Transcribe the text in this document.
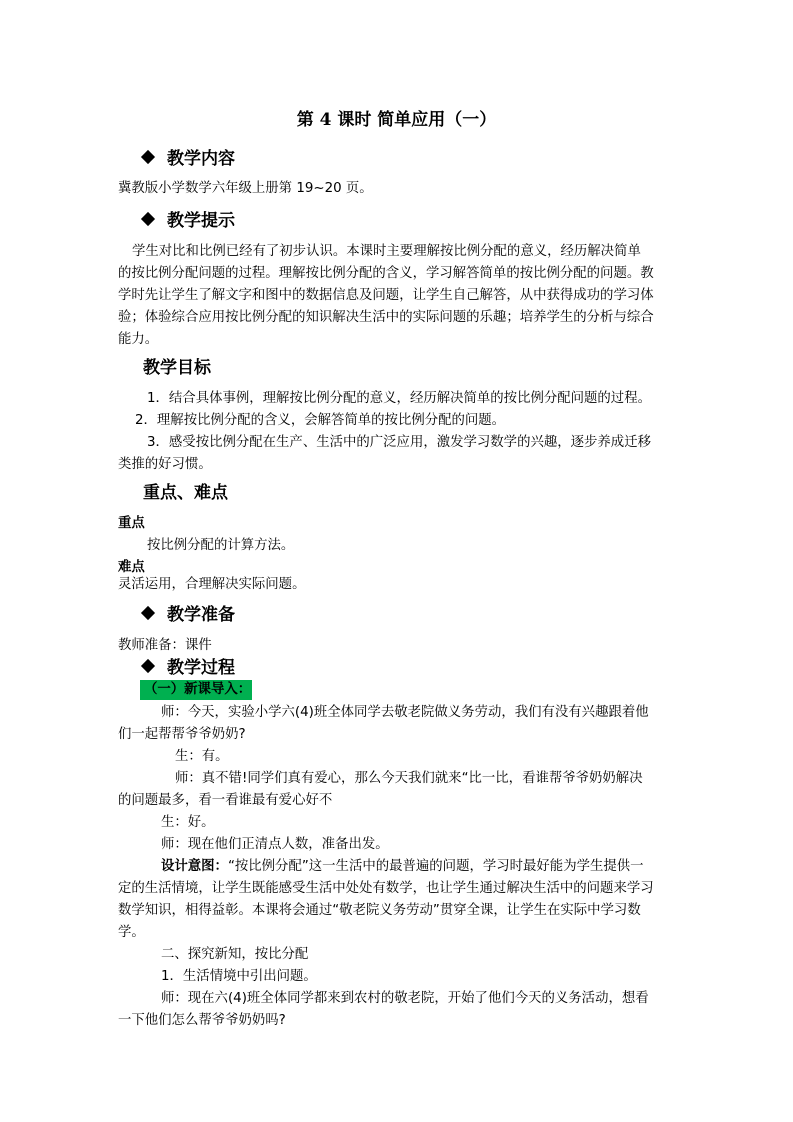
第 4 课时 简单应用（一）
教学内容
冀教版小学数学六年级上册第 19~20 页。
教学提示
学生对比和比例已经有了初步认识。本课时主要理解按比例分配的意义，经历解决简单
的按比例分配问题的过程。理解按比例分配的含义，学习解答简单的按比例分配的问题。教
学时先让学生了解文字和图中的数据信息及问题，让学生自己解答，从中获得成功的学习体
验；体验综合应用按比例分配的知识解决生活中的实际问题的乐趣；培养学生的分析与综合
能力。
教学目标
1．结合具体事例，理解按比例分配的意义，经历解决简单的按比例分配问题的过程。
2．理解按比例分配的含义，会解答简单的按比例分配的问题。
3．感受按比例分配在生产、生活中的广泛应用，激发学习数学的兴趣，逐步养成迁移
类推的好习惯。
重点、难点
重点
按比例分配的计算方法。
难点
灵活运用，合理解决实际问题。
教学准备
教师准备：课件
教学过程
（一）新课导入：
师：今天，实验小学六(4)班全体同学去敬老院做义务劳动，我们有没有兴趣跟着他
们一起帮帮爷爷奶奶?
生：有。
师：真不错!同学们真有爱心，那么今天我们就来“比一比，看谁帮爷爷奶奶解决
的问题最多，看一看谁最有爱心好不
生：好。
师：现在他们正清点人数，准备出发。
设计意图：“按比例分配”这一生活中的最普遍的问题，学习时最好能为学生提供一
定的生活情境，让学生既能感受生活中处处有数学，也让学生通过解决生活中的问题来学习
数学知识，相得益彰。本课将会通过“敬老院义务劳动”贯穿全课，让学生在实际中学习数
学。
二、探究新知，按比分配
1．生活情境中引出问题。
师：现在六(4)班全体同学都来到农村的敬老院，开始了他们今天的义务活动，想看
一下他们怎么帮爷爷奶奶吗?
